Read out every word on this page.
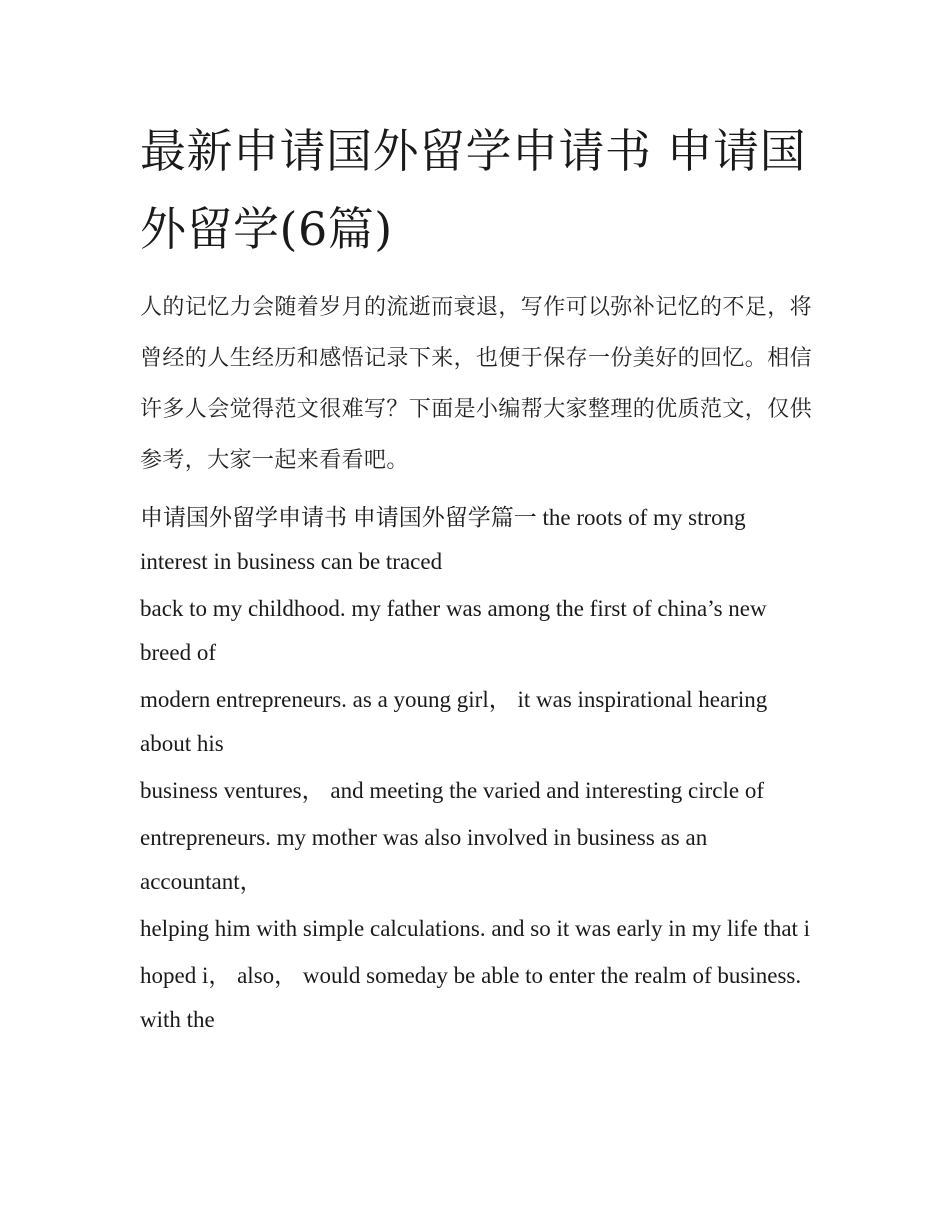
最新申请国外留学申请书 申请国外留学(6篇)

人的记忆力会随着岁月的流逝而衰退，写作可以弥补记忆的不足，将曾经的人生经历和感悟记录下来，也便于保存一份美好的回忆。相信许多人会觉得范文很难写？下面是小编帮大家整理的优质范文，仅供参考，大家一起来看看吧。

申请国外留学申请书 申请国外留学篇一 the roots of my strong interest in business can be traced

back to my childhood. my father was among the first of china’s new breed of

modern entrepreneurs. as a young girl， it was inspirational hearing about his

business ventures， and meeting the varied and interesting circle of

entrepreneurs. my mother was also involved in business as an accountant，

helping him with simple calculations. and so it was early in my life that i

hoped i， also， would someday be able to enter the realm of business. with the
